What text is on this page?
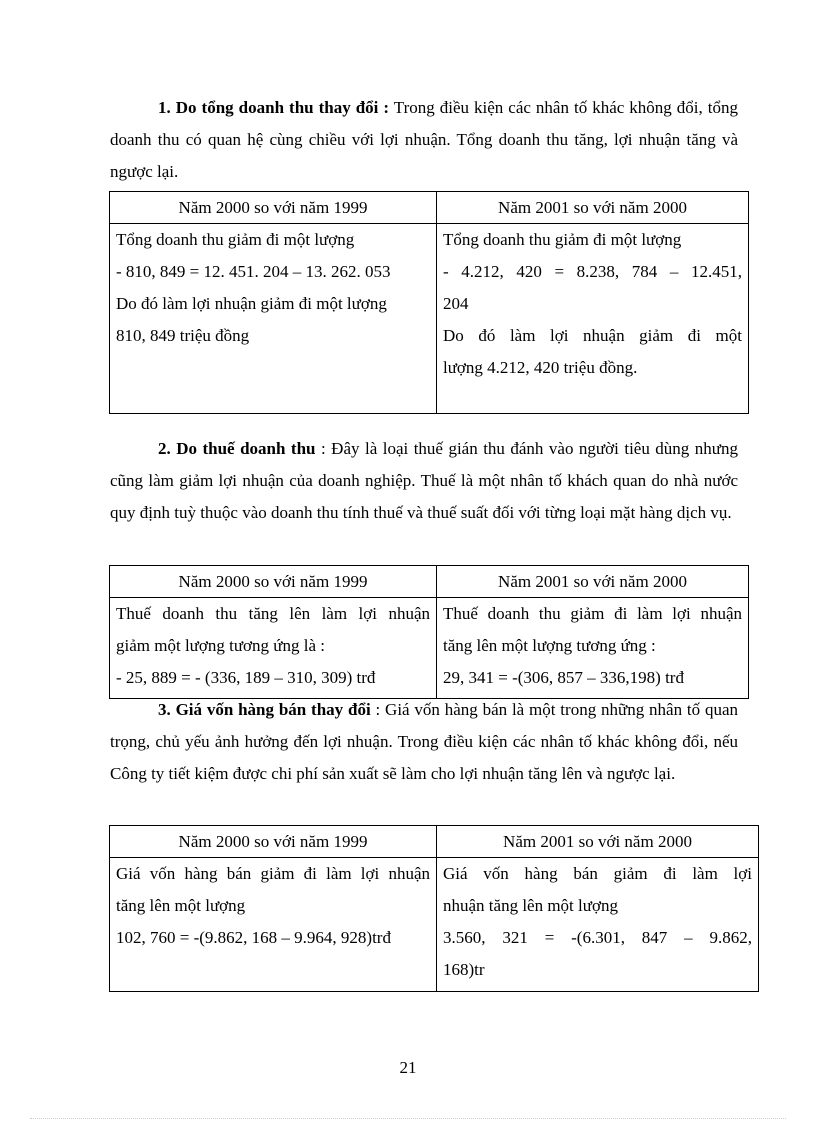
1. Do tổng doanh thu thay đổi : Trong điều kiện các nhân tố khác không đổi, tổng doanh thu có quan hệ cùng chiều với lợi nhuận. Tổng doanh thu tăng, lợi nhuận tăng và ngược lại.
Năm 2000 so với năm 1999	Năm 2001 so với năm 2000

Tổng doanh thu giảm đi một lượng
- 810, 849 = 12. 451. 204 – 13. 262. 053
Do đó làm lợi nhuận giảm đi một lượng
810, 849 triệu đồng	Tổng doanh thu giảm đi một lượng
- 4.212, 420 = 8.238, 784 – 12.451,
204
Do đó làm lợi nhuận giảm đi một
lượng 4.212, 420 triệu đồng.
2. Do thuế doanh thu : Đây là loại thuế gián thu đánh vào người tiêu dùng nhưng cũng làm giảm lợi nhuận của doanh nghiệp. Thuế là một nhân tố khách quan do nhà nước quy định tuỳ thuộc vào doanh thu tính thuế và thuế suất đối với từng loại mặt hàng dịch vụ.
Năm 2000 so với năm 1999	Năm 2001 so với năm 2000

Thuế doanh thu tăng lên làm lợi nhuận
giảm một lượng tương ứng là :
- 25, 889 = - (336, 189 – 310, 309) trđ	Thuế doanh thu giảm đi làm lợi nhuận
tăng lên một lượng tương ứng :
29, 341 = -(306, 857 – 336,198) trđ
3. Giá vốn hàng bán thay đổi : Giá vốn hàng bán là một trong những nhân tố quan trọng, chủ yếu ảnh hưởng đến lợi nhuận. Trong điều kiện các nhân tố khác không đổi, nếu Công ty tiết kiệm được chi phí sản xuất sẽ làm cho lợi nhuận tăng lên và ngược lại.
Năm 2000 so với năm 1999	Năm 2001 so với năm 2000

Giá vốn hàng bán giảm đi làm lợi nhuận
tăng lên một lượng
102, 760 = -(9.862, 168 – 9.964, 928)trđ	Giá vốn hàng bán giảm đi làm lợi
nhuận tăng lên một lượng
3.560, 321 = -(6.301, 847 – 9.862,
168)tr
21
